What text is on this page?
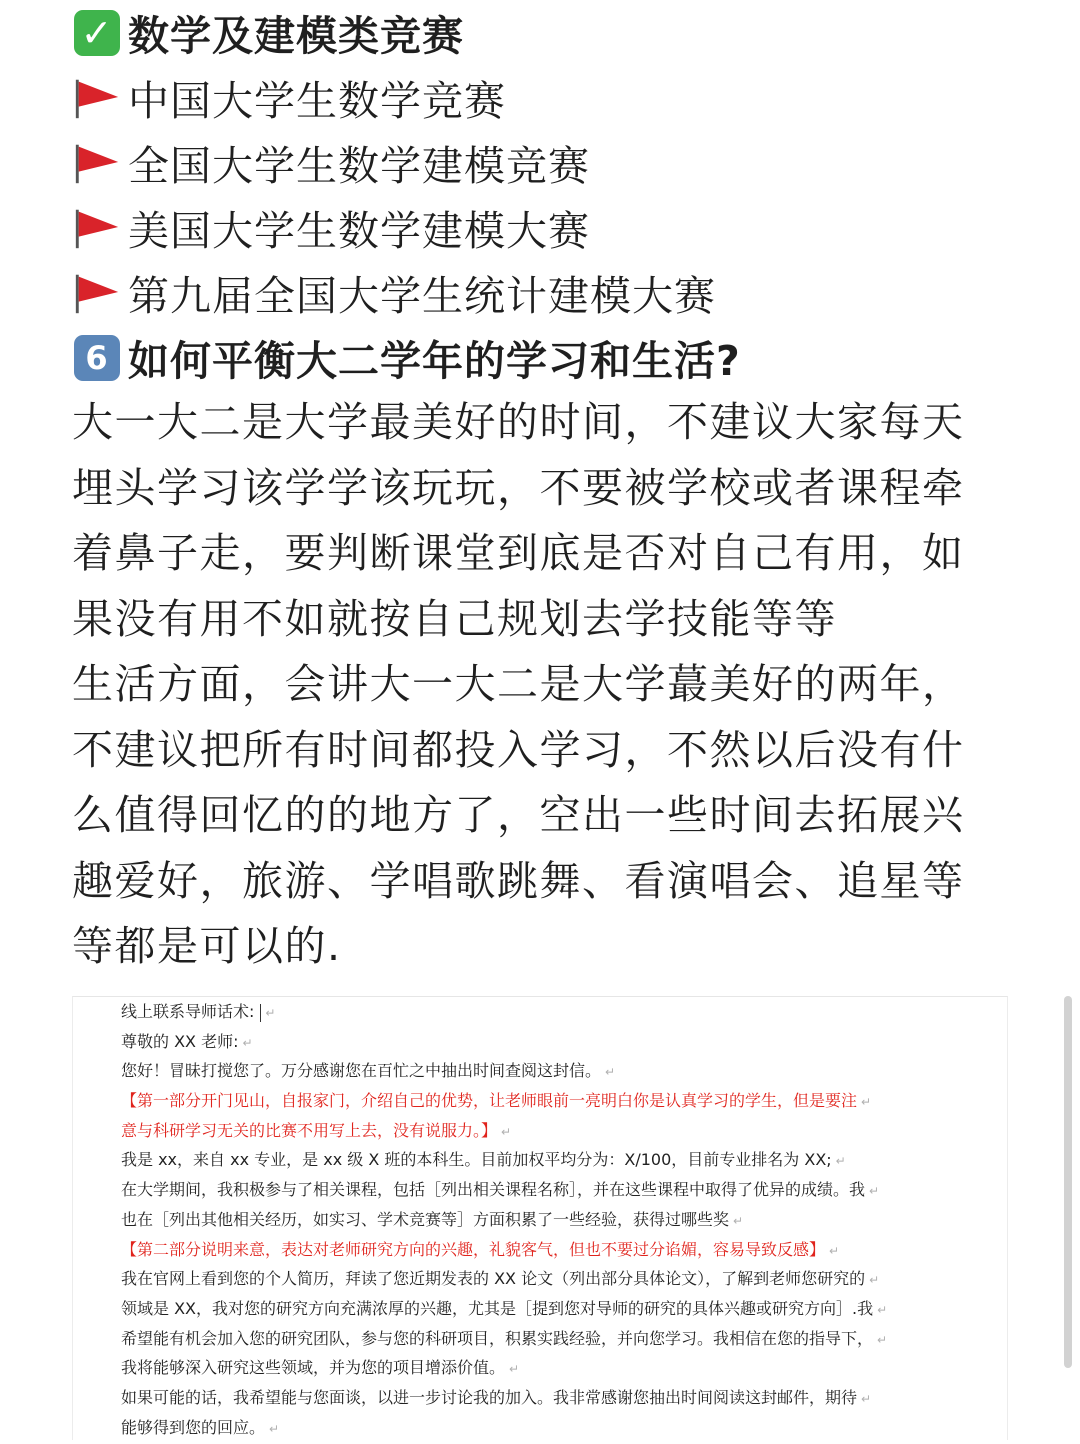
✓ 数学及建模类竞赛
中国大学生数学竞赛
全国大学生数学建模竞赛
美国大学生数学建模大赛
第九届全国大学生统计建模大赛
6 如何平衡大二学年的学习和生活?
大一大二是大学最美好的时间，不建议大家每天
埋头学习该学学该玩玩，不要被学校或者课程牵
着鼻子走，要判断课堂到底是否对自己有用，如
果没有用不如就按自己规划去学技能等等
生活方面，会讲大一大二是大学蕞美好的两年，
不建议把所有时间都投入学习，不然以后没有什
么值得回忆的的地方了，空出一些时间去拓展兴
趣爱好，旅游、学唱歌跳舞、看演唱会、追星等
等都是可以的.
线上联系导师话术: ↵
尊敬的 XX 老师: ↵
您好！冒昧打搅您了。万分感谢您在百忙之中抽出时间查阅这封信。 ↵
【第一部分开门见山，自报家门，介绍自己的优势，让老师眼前一亮明白你是认真学习的学生，但是要注 ↵
意与科研学习无关的比赛不用写上去，没有说服力。】 ↵
我是 xx，来自 xx 专业，是 xx 级 X 班的本科生。目前加权平均分为：X/100，目前专业排名为 XX; ↵
在大学期间，我积极参与了相关课程，包括［列出相关课程名称］，并在这些课程中取得了优异的成绩。我 ↵
也在［列出其他相关经历，如实习、学术竞赛等］方面积累了一些经验，获得过哪些奖 ↵
【第二部分说明来意，表达对老师研究方向的兴趣，礼貌客气，但也不要过分谄媚，容易导致反感】 ↵
我在官网上看到您的个人简历，拜读了您近期发表的 XX 论文（列出部分具体论文），了解到老师您研究的 ↵
领域是 XX，我对您的研究方向充满浓厚的兴趣，尤其是［提到您对导师的研究的具体兴趣或研究方向］.我 ↵
希望能有机会加入您的研究团队，参与您的科研项目，积累实践经验，并向您学习。我相信在您的指导下， ↵
我将能够深入研究这些领域，并为您的项目增添价值。 ↵
如果可能的话，我希望能与您面谈，以进一步讨论我的加入。我非常感谢您抽出时间阅读这封邮件，期待 ↵
能够得到您的回应。 ↵
